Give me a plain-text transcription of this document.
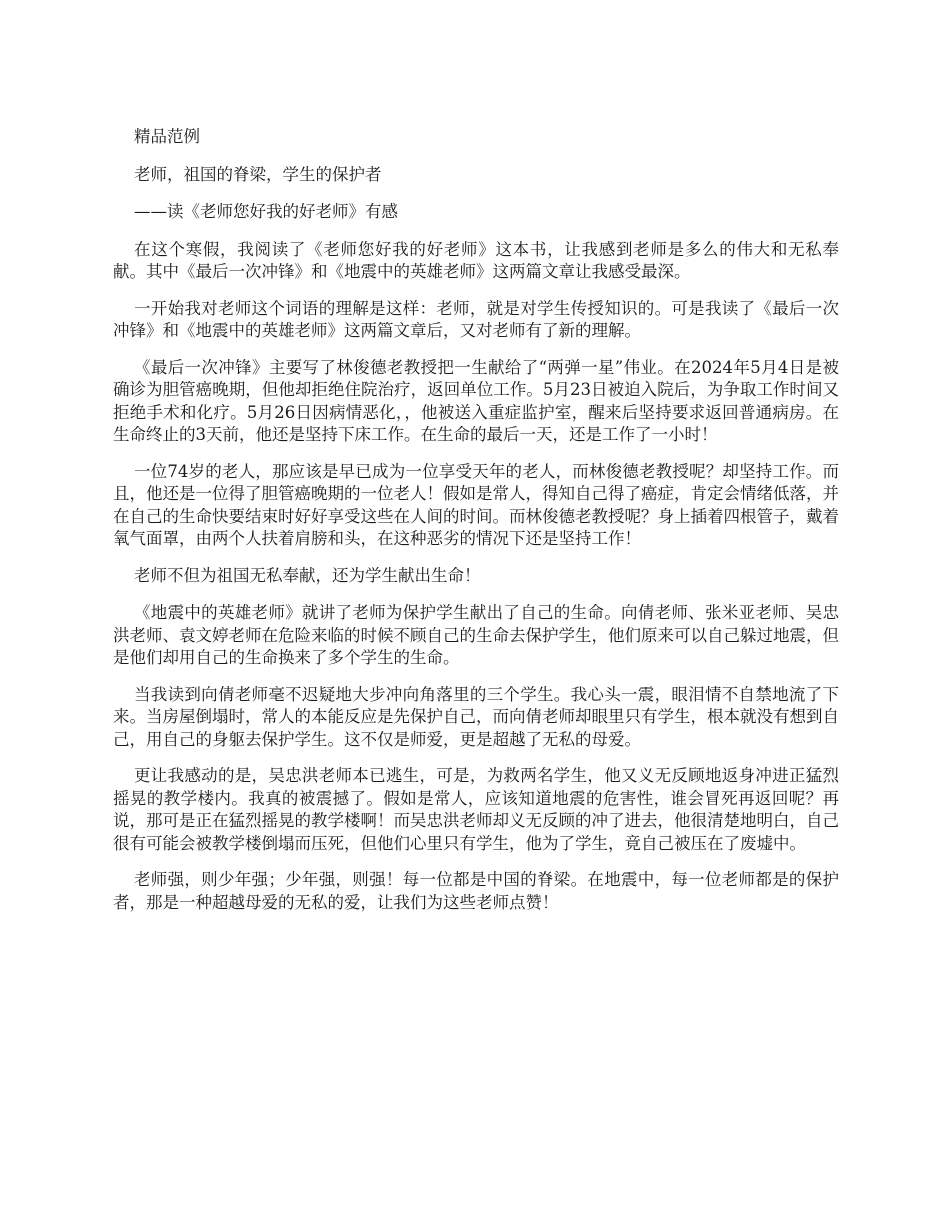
精品范例

老师，祖国的脊梁，学生的保护者

——读《老师您好我的好老师》有感

在这个寒假，我阅读了《老师您好我的好老师》这本书，让我感到老师是多么的伟大和无私奉献。其中《最后一次冲锋》和《地震中的英雄老师》这两篇文章让我感受最深。

一开始我对老师这个词语的理解是这样：老师，就是对学生传授知识的。可是我读了《最后一次冲锋》和《地震中的英雄老师》这两篇文章后，又对老师有了新的理解。

《最后一次冲锋》主要写了林俊德老教授把一生献给了“两弹一星”伟业。在2024年5月4日是被确诊为胆管癌晚期，但他却拒绝住院治疗，返回单位工作。5月23日被迫入院后，为争取工作时间又拒绝手术和化疗。5月26日因病情恶化，，他被送入重症监护室，醒来后坚持要求返回普通病房。在生命终止的3天前，他还是坚持下床工作。在生命的最后一天，还是工作了一小时！

一位74岁的老人，那应该是早已成为一位享受天年的老人，而林俊德老教授呢？却坚持工作。而且，他还是一位得了胆管癌晚期的一位老人！假如是常人，得知自己得了癌症，肯定会情绪低落，并在自己的生命快要结束时好好享受这些在人间的时间。而林俊德老教授呢？身上插着四根管子，戴着氧气面罩，由两个人扶着肩膀和头，在这种恶劣的情况下还是坚持工作！

老师不但为祖国无私奉献，还为学生献出生命！

《地震中的英雄老师》就讲了老师为保护学生献出了自己的生命。向倩老师、张米亚老师、吴忠洪老师、袁文婷老师在危险来临的时候不顾自己的生命去保护学生，他们原来可以自己躲过地震，但是他们却用自己的生命换来了多个学生的生命。

当我读到向倩老师毫不迟疑地大步冲向角落里的三个学生。我心头一震，眼泪情不自禁地流了下来。当房屋倒塌时，常人的本能反应是先保护自己，而向倩老师却眼里只有学生，根本就没有想到自己，用自己的身躯去保护学生。这不仅是师爱，更是超越了无私的母爱。

更让我感动的是，吴忠洪老师本已逃生，可是，为救两名学生，他又义无反顾地返身冲进正猛烈摇晃的教学楼内。我真的被震撼了。假如是常人，应该知道地震的危害性，谁会冒死再返回呢？再说，那可是正在猛烈摇晃的教学楼啊！而吴忠洪老师却义无反顾的冲了进去，他很清楚地明白，自己很有可能会被教学楼倒塌而压死，但他们心里只有学生，他为了学生，竟自己被压在了废墟中。

老师强，则少年强；少年强，则强！每一位都是中国的脊梁。在地震中，每一位老师都是的保护者，那是一种超越母爱的无私的爱，让我们为这些老师点赞！
